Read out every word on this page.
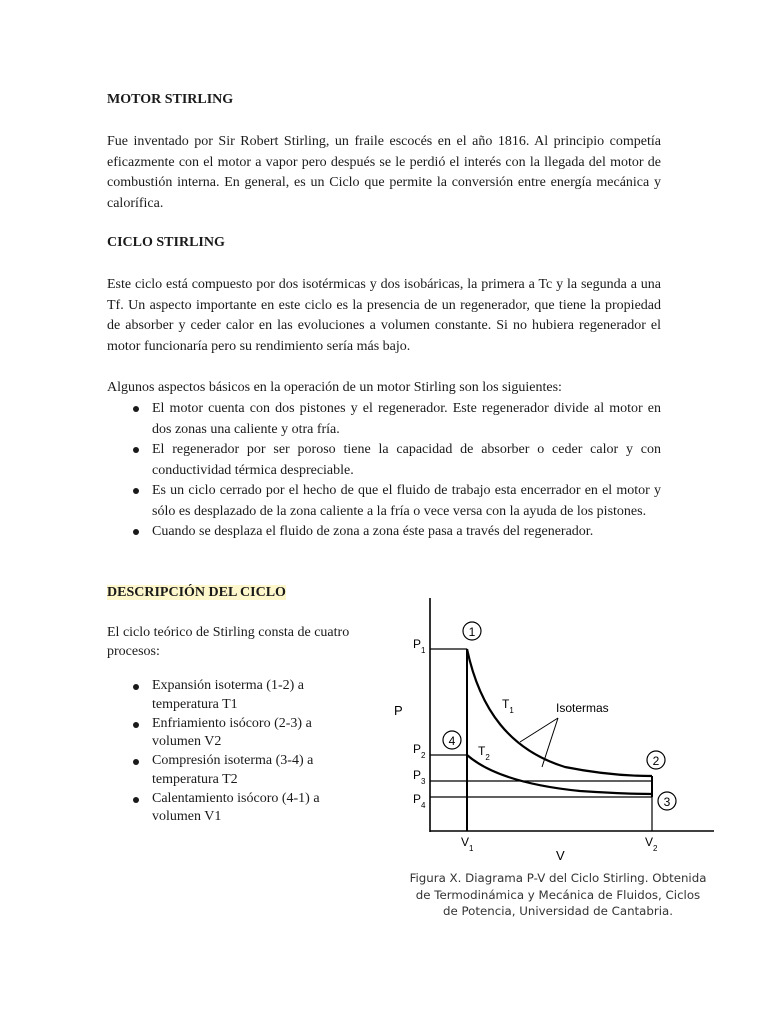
MOTOR STIRLING

Fue inventado por Sir Robert Stirling, un fraile escocés en el año 1816. Al principio competía eficazmente con el motor a vapor pero después se le perdió el interés con la llegada del motor de combustión interna. En general, es un Ciclo que permite la conversión entre energía mecánica y calorífica.

CICLO STIRLING

Este ciclo está compuesto por dos isotérmicas y dos isobáricas, la primera a Tc y la segunda a una Tf. Un aspecto importante en este ciclo es la presencia de un regenerador, que tiene la propiedad de absorber y ceder calor en las evoluciones a volumen constante. Si no hubiera regenerador el motor funcionaría pero su rendimiento sería más bajo.

Algunos aspectos básicos en la operación de un motor Stirling son los siguientes:

El motor cuenta con dos pistones y el regenerador. Este regenerador divide al motor en dos zonas una caliente y otra fría.
El regenerador por ser poroso tiene la capacidad de absorber o ceder calor y con conductividad térmica despreciable.
Es un ciclo cerrado por el hecho de que el fluido de trabajo esta encerrador en el motor y sólo es desplazado de la zona caliente a la fría o vece versa con la ayuda de los pistones.
Cuando se desplaza el fluido de zona a zona éste pasa a través del regenerador.
DESCRIPCIÓN DEL CICLO

El ciclo teórico de Stirling consta de cuatro procesos:

Expansión isoterma (1-2) a temperatura T1
Enfriamiento isócoro (2-3) a volumen V2
Compresión isoterma (3-4) a temperatura T2
Calentamiento isócoro (4-1) a volumen V1
1
4
2
3
$P_1$
$P_2$
$P_3$
$P_4$
P
$V_1$	$V_2$
V
$T_1$
$T_2$
Isotermas
Figura X. Diagrama P-V del Ciclo Stirling. Obtenida de Termodinámica y Mecánica de Fluidos, Ciclos de Potencia, Universidad de Cantabria.
